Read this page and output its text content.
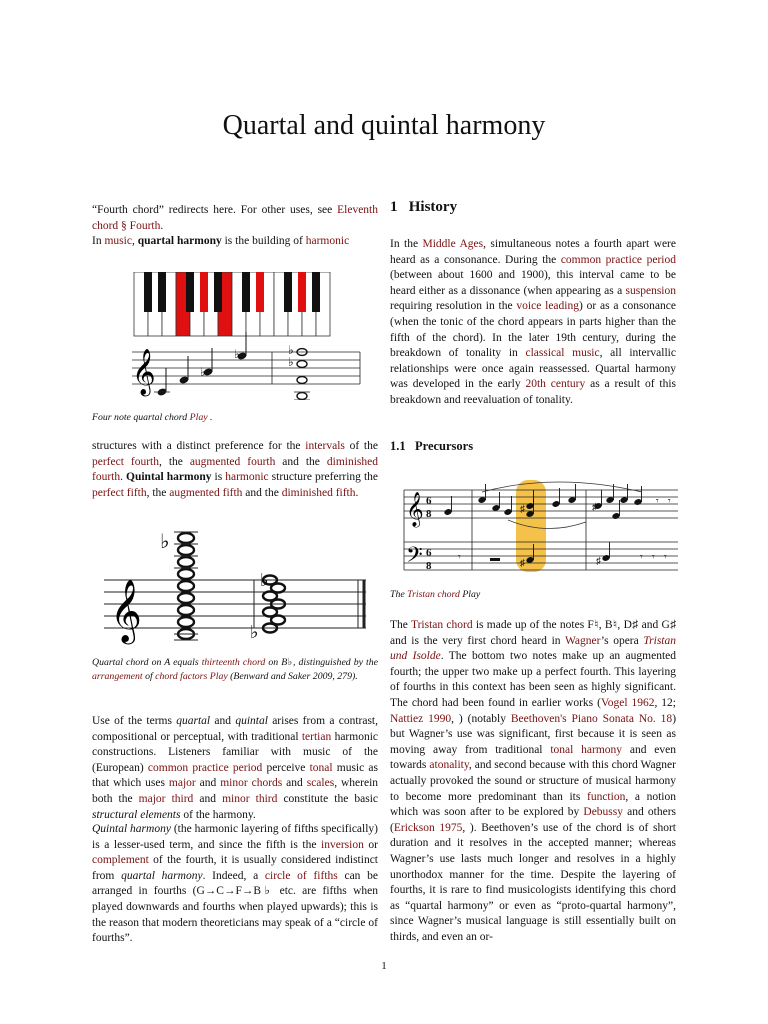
Quartal and quintal harmony
“Fourth chord” redirects here. For other uses, see Eleventh chord § Fourth.
In music, quartal harmony is the building of harmonic
𝄞	♭
♭
♭
♭
Four note quartal chord Play .
structures with a distinct preference for the intervals of the perfect fourth, the augmented fourth and the diminished fourth. Quintal harmony is harmonic structure preferring the perfect fifth, the augmented fifth and the diminished fifth.
𝄞
♭
♭
♭
Quartal chord on A equals thirteenth chord on B♭, distinguished by the arrangement of chord factors Play (Benward and Saker 2009, 279).
Use of the terms quartal and quintal arises from a contrast, compositional or perceptual, with traditional tertian harmonic constructions. Listeners familiar with music of the (European) common practice period perceive tonal music as that which uses major and minor chords and scales, wherein both the major third and minor third constitute the basic structural elements of the harmony.
Quintal harmony (the harmonic layering of fifths specifically) is a lesser-used term, and since the fifth is the inversion or complement of the fourth, it is usually considered indistinct from quartal harmony. Indeed, a circle of fifths can be arranged in fourths (G→C→F→B♭ etc. are fifths when played downwards and fourths when played upwards); this is the reason that modern theoreticians may speak of a “circle of fourths”.
1 History
In the Middle Ages, simultaneous notes a fourth apart were heard as a consonance. During the common practice period (between about 1600 and 1900), this interval came to be heard either as a dissonance (when appearing as a suspension requiring resolution in the voice leading) or as a consonance (when the tonic of the chord appears in parts higher than the fifth of the chord). In the later 19th century, during the breakdown of tonality in classical music, all intervallic relationships were once again reassessed. Quartal harmony was developed in the early 20th century as a result of this breakdown and reevaluation of tonality.
1.1 Precursors
𝄞
𝄢
6
8
6
8
♯	♯
♯	♯
𝄾 𝄾
𝄾	𝄾 𝄾 𝄾
The Tristan chord Play
The Tristan chord is made up of the notes F♮, B♮, D♯ and G♯ and is the very first chord heard in Wagner’s opera Tristan und Isolde. The bottom two notes make up an augmented fourth; the upper two make up a perfect fourth. This layering of fourths in this context has been seen as highly significant. The chord had been found in earlier works (Vogel 1962, 12; Nattiez 1990, ) (notably Beethoven's Piano Sonata No. 18) but Wagner’s use was significant, first because it is seen as moving away from traditional tonal harmony and even towards atonality, and second because with this chord Wagner actually provoked the sound or structure of musical harmony to become more predominant than its function, a notion which was soon after to be explored by Debussy and others (Erickson 1975, ). Beethoven’s use of the chord is of short duration and it resolves in the accepted manner; whereas Wagner’s use lasts much longer and resolves in a highly unorthodox manner for the time. Despite the layering of fourths, it is rare to find musicologists identifying this chord as “quartal harmony” or even as “proto-quartal harmony”, since Wagner’s musical language is still essentially built on thirds, and even an or-
1
